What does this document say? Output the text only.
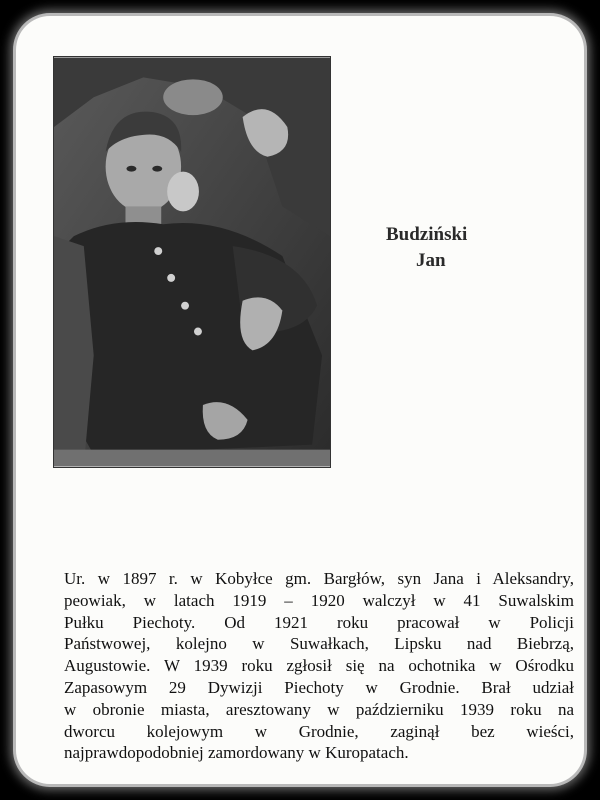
Budziński
Jan
Ur. w 1897 r. w Kobyłce gm. Bargłów, syn Jana i Aleksandry,
peowiak, w latach 1919 – 1920 walczył w 41 Suwalskim
Pułku Piechoty. Od 1921 roku pracował w Policji
Państwowej, kolejno w Suwałkach, Lipsku nad Biebrzą,
Augustowie. W 1939 roku zgłosił się na ochotnika w Ośrodku
Zapasowym 29 Dywizji Piechoty w Grodnie. Brał udział
w obronie miasta, aresztowany w październiku 1939 roku na
dworcu kolejowym w Grodnie, zaginął bez wieści,
najprawdopodobniej zamordowany w Kuropatach.
